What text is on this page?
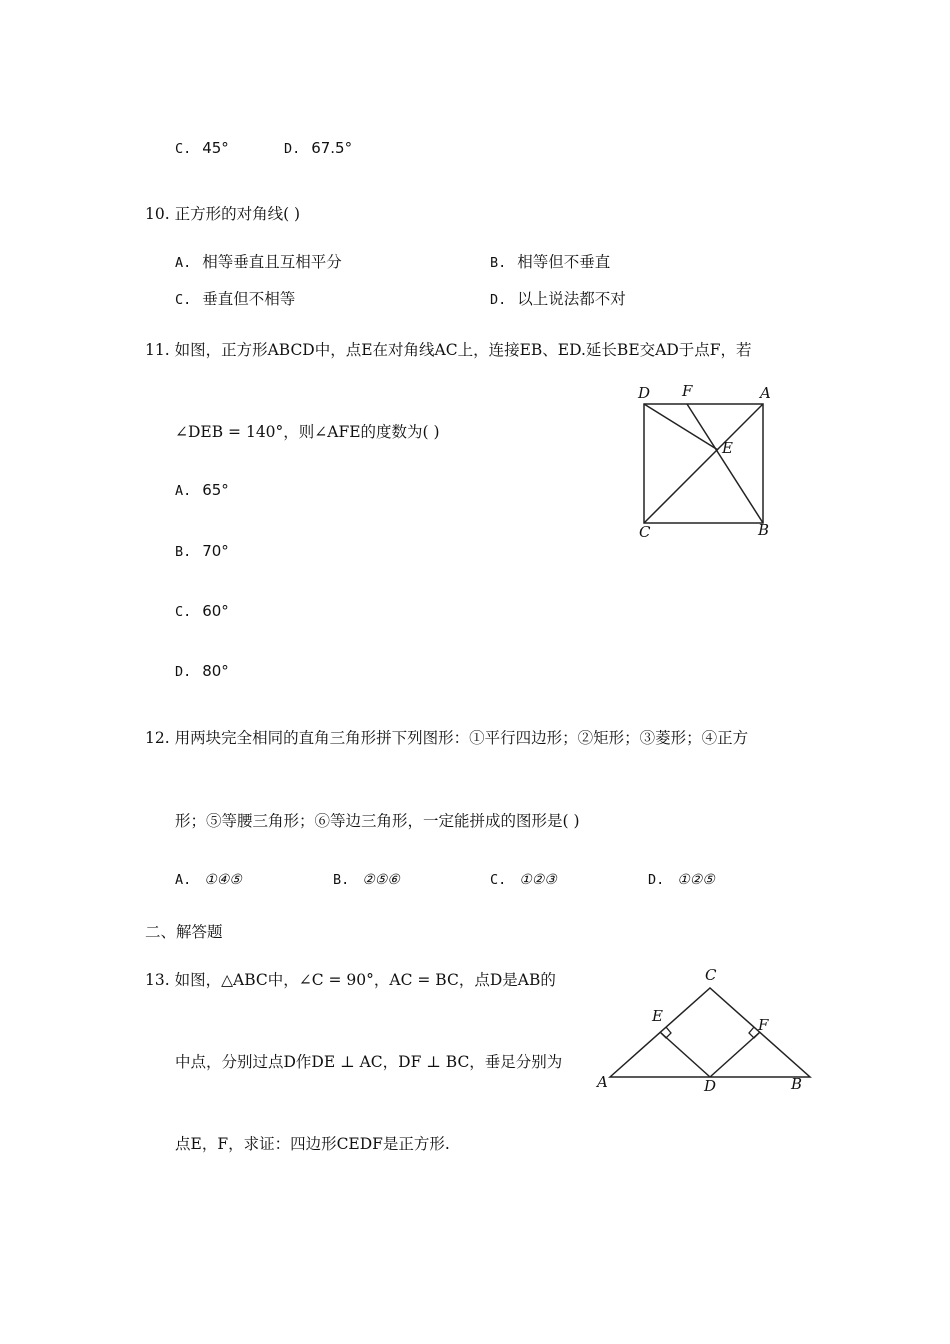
C. 45°	D. 67.5°
10. 正方形的对角线( )
A. 相等垂直且互相平分	B. 相等但不垂直
C. 垂直但不相等	D. 以上说法都不对
11. 如图，正方形ABCD中，点E在对角线AC上，连接EB、ED.延长BE交AD于点F，若
∠DEB = 140°，则∠AFE的度数为( )
A. 65°
B. 70°
C. 60°
D. 80°
D F	A
E
C	B
12. 用两块完全相同的直角三角形拼下列图形：①平行四边形；②矩形；③菱形；④正方
形；⑤等腰三角形；⑥等边三角形，一定能拼成的图形是( )
A. ①④⑤	B. ②⑤⑥	C. ①②③	D. ①②⑤
二、解答题
13. 如图，△ABC中，∠C = 90°，AC = BC，点D是AB的
中点，分别过点D作DE ⊥ AC，DF ⊥ BC，垂足分别为
点E，F，求证：四边形CEDF是正方形.
C
E	F
A	D	B
